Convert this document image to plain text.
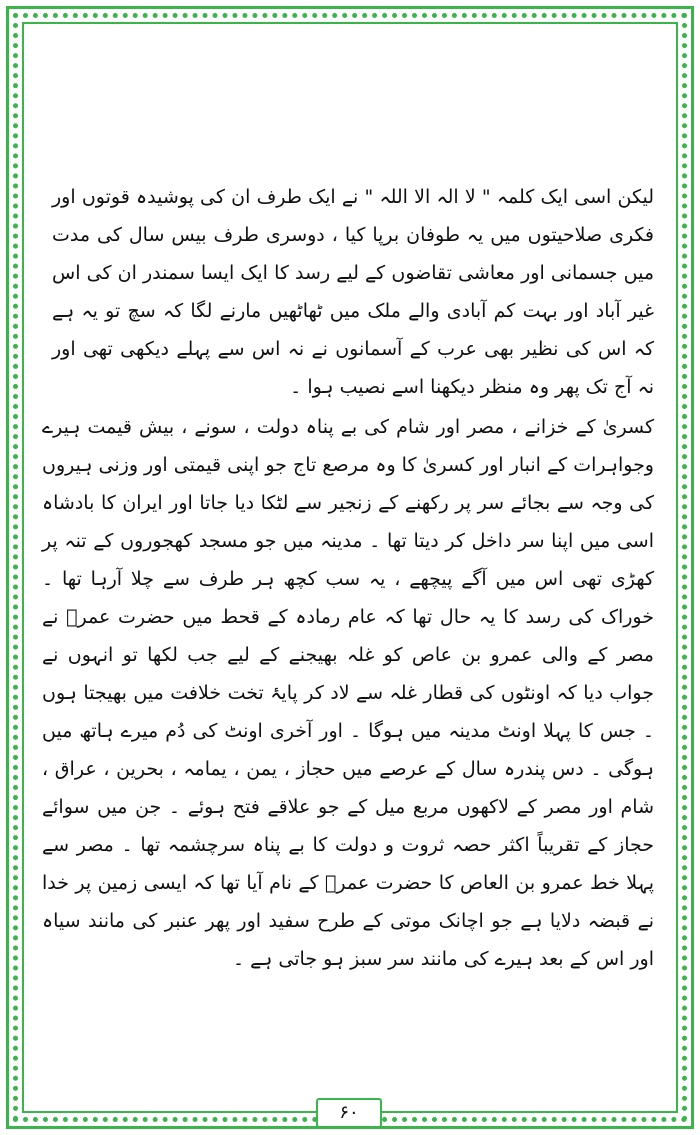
لیکن اسی ایک کلمہ " لا الہ الا اللہ " نے ایک طرف ان کی پوشیدہ قوتوں اور فکری صلاحیتوں میں یہ طوفان برپا کیا ، دوسری طرف بیس سال کی مدت میں جسمانی اور معاشی تقاضوں کے لیے رسد کا ایک ایسا سمندر ان کی اس غیر آباد اور بہت کم آبادی والے ملک میں ٹھاٹھیں مارنے لگا کہ سچ تو یہ ہے کہ اس کی نظیر بھی عرب کے آسمانوں نے نہ اس سے پہلے دیکھی تھی اور نہ آج تک پھر وہ منظر دیکھنا اسے نصیب ہوا ۔

کسریٰ کے خزانے ، مصر اور شام کی بے پناہ دولت ، سونے ، بیش قیمت ہیرے وجواہرات کے انبار اور کسریٰ کا وہ مرصع تاج جو اپنی قیمتی اور وزنی ہیروں کی وجہ سے بجائے سر پر رکھنے کے زنجیر سے لٹکا دیا جاتا اور ایران کا بادشاہ اسی میں اپنا سر داخل کر دیتا تھا ۔ مدینہ میں جو مسجد کھجوروں کے تنہ پر کھڑی تھی اس میں آگے پیچھے ، یہ سب کچھ ہر طرف سے چلا آرہا تھا ۔ خوراک کی رسد کا یہ حال تھا کہ عام رمادہ کے قحط میں حضرت عمرؓ نے مصر کے والی عمرو بن عاص کو غلہ بھیجنے کے لیے جب لکھا تو انہوں نے جواب دیا کہ اونٹوں کی قطار غلہ سے لاد کر پایۂ تخت خلافت میں بھیجتا ہوں ۔ جس کا پہلا اونٹ مدینہ میں ہوگا ۔ اور آخری اونٹ کی دُم میرے ہاتھ میں ہوگی ۔ دس پندرہ سال کے عرصے میں حجاز ، یمن ، یمامہ ، بحرین ، عراق ، شام اور مصر کے لاکھوں مربع میل کے جو علاقے فتح ہوئے ۔ جن میں سوائے حجاز کے تقریباً اکثر حصہ ثروت و دولت کا بے پناہ سرچشمہ تھا ۔ مصر سے پہلا خط عمرو بن العاص کا حضرت عمرؓ کے نام آیا تھا کہ ایسی زمین پر خدا نے قبضہ دلایا ہے جو اچانک موتی کے طرح سفید اور پھر عنبر کی مانند سیاہ اور اس کے بعد ہیرے کی مانند سر سبز ہو جاتی ہے ۔

۶۰
